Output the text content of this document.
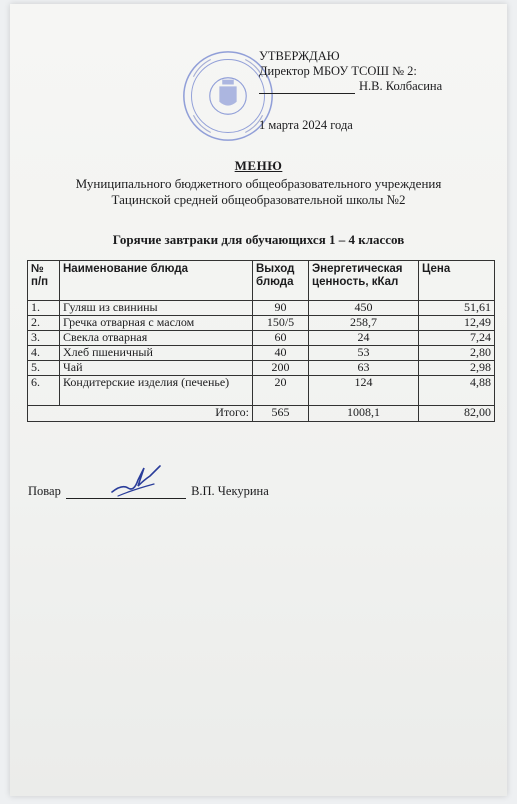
УТВЕРЖДАЮ
Директор МБОУ ТСОШ № 2:
Н.В. Колбасина
1 марта 2024 года
МЕНЮ
Муниципального бюджетного общеобразовательного учреждения
Тацинской средней общеобразовательной школы №2
Горячие завтраки для обучающихся 1 – 4 классов
№ п/п	Наименование блюда	Выход блюда	Энергетическая ценность, кКал	Цена
1.	Гуляш из свинины	90	450	51,61
2.	Гречка отварная с маслом	150/5	258,7	12,49
3.	Свекла отварная	60	24	7,24
4.	Хлеб пшеничный	40	53	2,80
5.	Чай	200	63	2,98
6.	Кондитерские изделия (печенье)	20	124	4,88
Итого:		565	1008,1	82,00
Повар	В.П. Чекурина
